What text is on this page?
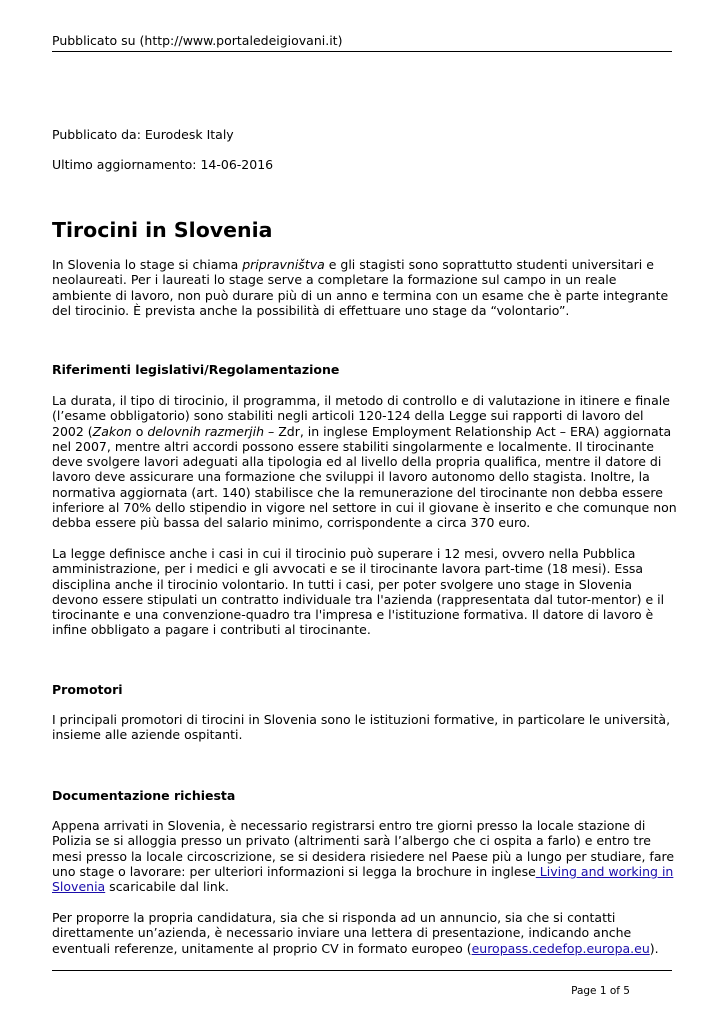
Pubblicato su (http://www.portaledeigiovani.it)
Pubblicato da: Eurodesk Italy
Ultimo aggiornamento: 14-06-2016
Tirocini in Slovenia

In Slovenia lo stage si chiama pripravništva e gli stagisti sono soprattutto studenti universitari e neolaureati. Per i laureati lo stage serve a completare la formazione sul campo in un reale ambiente di lavoro, non può durare più di un anno e termina con un esame che è parte integrante del tirocinio. È prevista anche la possibilità di effettuare uno stage da “volontario”.

Riferimenti legislativi/Regolamentazione

La durata, il tipo di tirocinio, il programma, il metodo di controllo e di valutazione in itinere e finale (l’esame obbligatorio) sono stabiliti negli articoli 120-124 della Legge sui rapporti di lavoro del 2002 (Zakon o delovnih razmerjih – Zdr, in inglese Employment Relationship Act – ERA) aggiornata nel 2007, mentre altri accordi possono essere stabiliti singolarmente e localmente. Il tirocinante deve svolgere lavori adeguati alla tipologia ed al livello della propria qualifica, mentre il datore di lavoro deve assicurare una formazione che sviluppi il lavoro autonomo dello stagista. Inoltre, la normativa aggiornata (art. 140) stabilisce che la remunerazione del tirocinante non debba essere inferiore al 70% dello stipendio in vigore nel settore in cui il giovane è inserito e che comunque non debba essere più bassa del salario minimo, corrispondente a circa 370 euro.

La legge definisce anche i casi in cui il tirocinio può superare i 12 mesi, ovvero nella Pubblica amministrazione, per i medici e gli avvocati e se il tirocinante lavora part-time (18 mesi). Essa disciplina anche il tirocinio volontario. In tutti i casi, per poter svolgere uno stage in Slovenia devono essere stipulati un contratto individuale tra l'azienda (rappresentata dal tutor-mentor) e il tirocinante e una convenzione-quadro tra l'impresa e l'istituzione formativa. Il datore di lavoro è infine obbligato a pagare i contributi al tirocinante.

Promotori

I principali promotori di tirocini in Slovenia sono le istituzioni formative, in particolare le università, insieme alle aziende ospitanti.

Documentazione richiesta

Appena arrivati in Slovenia, è necessario registrarsi entro tre giorni presso la locale stazione di Polizia se si alloggia presso un privato (altrimenti sarà l’albergo che ci ospita a farlo) e entro tre mesi presso la locale circoscrizione, se si desidera risiedere nel Paese più a lungo per studiare, fare uno stage o lavorare: per ulteriori informazioni si legga la brochure in inglese Living and working in Slovenia scaricabile dal link.

Per proporre la propria candidatura, sia che si risponda ad un annuncio, sia che si contatti direttamente un’azienda, è necessario inviare una lettera di presentazione, indicando anche eventuali referenze, unitamente al proprio CV in formato europeo (europass.cedefop.europa.eu).

Page 1 of 5
